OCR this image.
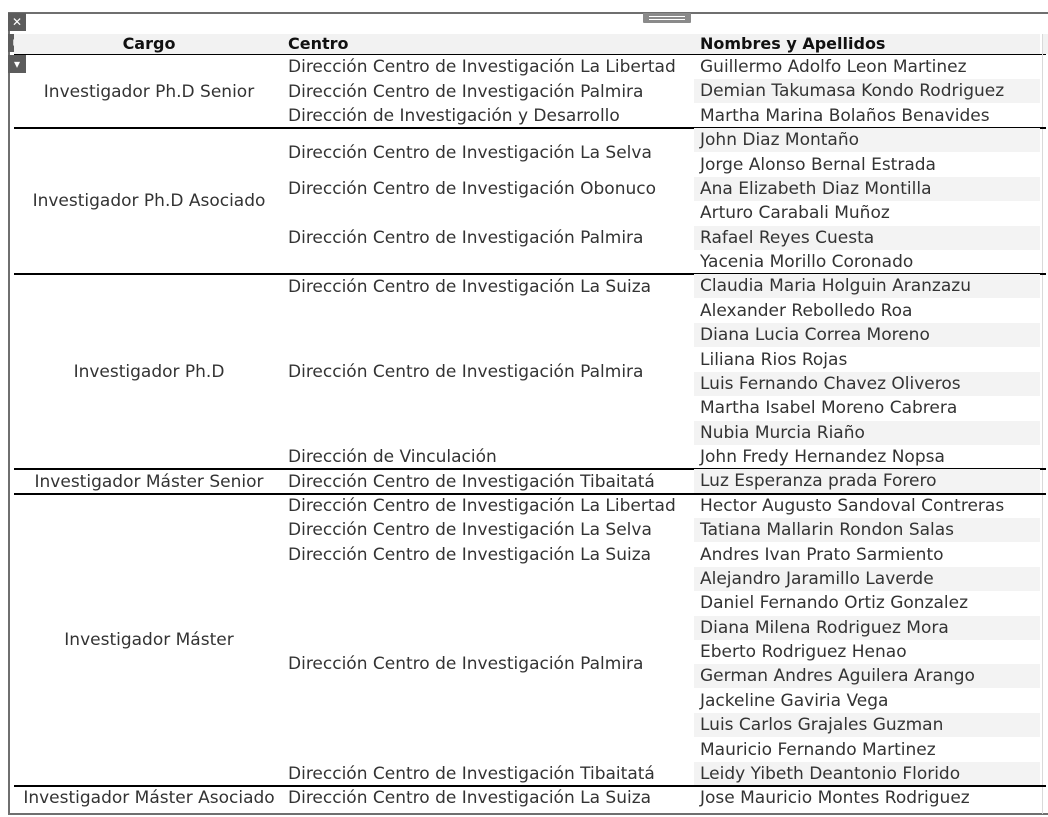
✕
▾
Cargo	Centro	Nombres y Apellidos
Guillermo Adolfo Leon Martinez
Dirección Centro de Investigación La Libertad
Demian Takumasa Kondo Rodriguez
Dirección Centro de Investigación Palmira
Martha Marina Bolaños Benavides
Dirección de Investigación y Desarrollo
Investigador Ph.D Senior
John Diaz Montaño
Jorge Alonso Bernal Estrada
Dirección Centro de Investigación La Selva
Ana Elizabeth Diaz Montilla
Dirección Centro de Investigación Obonuco
Arturo Carabali Muñoz
Rafael Reyes Cuesta
Yacenia Morillo Coronado
Dirección Centro de Investigación Palmira
Investigador Ph.D Asociado
Claudia Maria Holguin Aranzazu
Dirección Centro de Investigación La Suiza
Alexander Rebolledo Roa
Diana Lucia Correa Moreno
Liliana Rios Rojas
Luis Fernando Chavez Oliveros
Martha Isabel Moreno Cabrera
Nubia Murcia Riaño
Dirección Centro de Investigación Palmira
John Fredy Hernandez Nopsa
Dirección de Vinculación
Investigador Ph.D
Luz Esperanza prada Forero
Dirección Centro de Investigación Tibaitatá
Investigador Máster Senior
Hector Augusto Sandoval Contreras
Dirección Centro de Investigación La Libertad
Tatiana Mallarin Rondon Salas
Dirección Centro de Investigación La Selva
Andres Ivan Prato Sarmiento
Dirección Centro de Investigación La Suiza
Alejandro Jaramillo Laverde
Daniel Fernando Ortiz Gonzalez
Diana Milena Rodriguez Mora
Eberto Rodriguez Henao
German Andres Aguilera Arango
Jackeline Gaviria Vega
Luis Carlos Grajales Guzman
Mauricio Fernando Martinez
Dirección Centro de Investigación Palmira
Leidy Yibeth Deantonio Florido
Dirección Centro de Investigación Tibaitatá
Investigador Máster
Jose Mauricio Montes Rodriguez
Dirección Centro de Investigación La Suiza
Investigador Máster Asociado
